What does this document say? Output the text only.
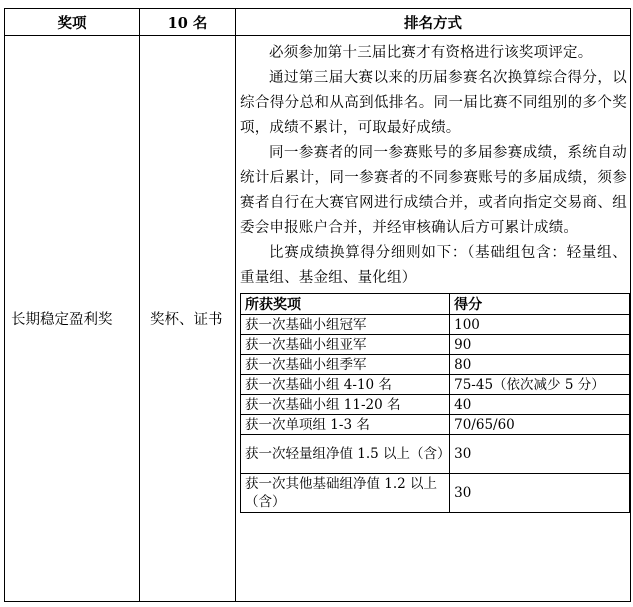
奖项	10 名	排名方式
长期稳定盈利奖	奖杯、证书	

必须参加第十三届比赛才有资格进行该奖项评定。

通过第三届大赛以来的历届参赛名次换算综合得分，以综合得分总和从高到低排名。同一届比赛不同组别的多个奖项，成绩不累计，可取最好成绩。

同一参赛者的同一参赛账号的多届参赛成绩，系统自动统计后累计，同一参赛者的不同参赛账号的多届成绩，须参赛者自行在大赛官网进行成绩合并，或者向指定交易商、组委会申报账户合并，并经审核确认后方可累计成绩。

比赛成绩换算得分细则如下：（基础组包含：轻量组、重量组、基金组、量化组）

所获奖项	得分
获一次基础小组冠军	100
获一次基础小组亚军	90
获一次基础小组季军	80
获一次基础小组 4-10 名	75-45（依次减少 5 分）
获一次基础小组 11-20 名	40
获一次单项组 1-3 名	70/65/60
获一次轻量组净值 1.5 以上（含）	30
获一次其他基础组净值 1.2 以上（含）	30
